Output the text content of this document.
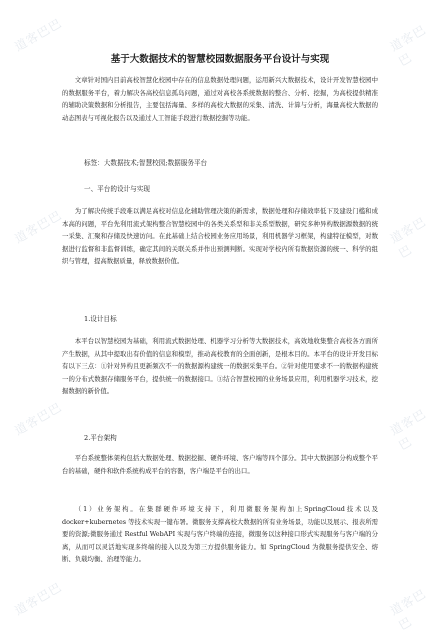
道客巴巴	道客巴巴
道客巴巴	道客巴巴
道客巴巴	道客巴巴
道客巴巴	道客巴巴
基于大数据技术的智慧校园数据服务平台设计与实现

文章针对国内目前高校智慧化校园中存在的信息数据处理问题，运用新兴大数据技术，设计开发智慧校园中的数据服务平台，着力解决各高校信息孤岛问题，通过对高校各系统数据的整合、分析、挖掘，为高校提供精准的辅助决策数据和分析报告，主要包括海量、多样的高校大数据的采集、清洗、计算与分析，海量高校大数据的动态图表与可视化报告以及通过人工智能手段进行数据挖掘等功能。

标签：大数据技术;智慧校园;数据服务平台

一、平台的设计与实现

为了解决传统手段难以满足高校对信息化辅助管理决策的新需求，数据处理和存储效率低下及建设门槛和成本高的问题，平台先利用流式架构整合智慧校园中的各类关系型和非关系型数据，研究多种异构数据源数据的统一采集、汇聚和存储及快速访问。在此基础上结合校园业务应用场景，利用机器学习框架，构建特征模型，对数据进行监督和非监督训练，确定其间的关联关系并作出预测判断。实现对学校内所有数据资源的统一、科学的组织与管理，提高数据质量，释放数据价值。

1.设计目标

本平台以智慧校园为基础，利用流式数据处理、机器学习分析等大数据技术，高效地收集整合高校各方面所产生数据，从其中提取出有价值的信息和模型，推动高校教育的全面创新，是根本目的。本平台的设计开发目标有以下三点：①针对异构且更新频次不一的数据源构建统一的数据采集平台。②针对使用要求不一的数据构建统一的分布式数据存储服务平台，提供统一的数据接口。③结合智慧校园的业务场景应用，利用机器学习技术，挖掘数据的新价值。

2.平台架构

平台系统整体架构包括大数据处理、数据挖掘、硬件环境、客户端等四个部分。其中大数据部分构成整个平台的基础，硬件和软件系统构成平台的容器，客户端是平台的出口。

（1）业务架构。在集群硬件环境支持下，利用微服务架构加上SpringCloud技术以及 docker+kubernetes 等技术实现一键布署。微服务支撑高校大数据的所有业务场景，功能以及展示、报表所需要的资源;微服务通过 Restful WebAPI 实现与客户终端的连接，微服务以这种接口形式实现服务与客户端的分离，从而可以灵活地实现多终端的接入以及为第三方提供服务能力。如 SpringCloud 为微服务提供安全、熔断、负载均衡、治理等能力。
